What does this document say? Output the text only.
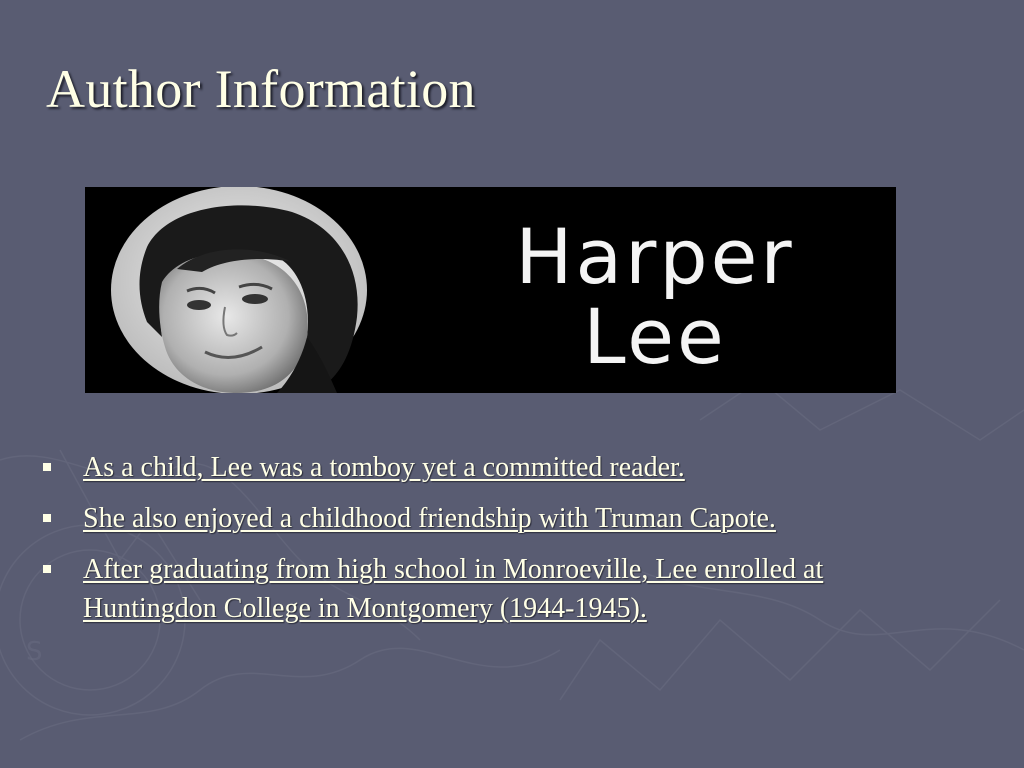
S
Author Information
Harper
Lee
As a child, Lee was a tomboy yet a committed reader.
She also enjoyed a childhood friendship with Truman Capote.
After graduating from high school in Monroeville, Lee enrolled at Huntingdon College in Montgomery (1944-1945).
